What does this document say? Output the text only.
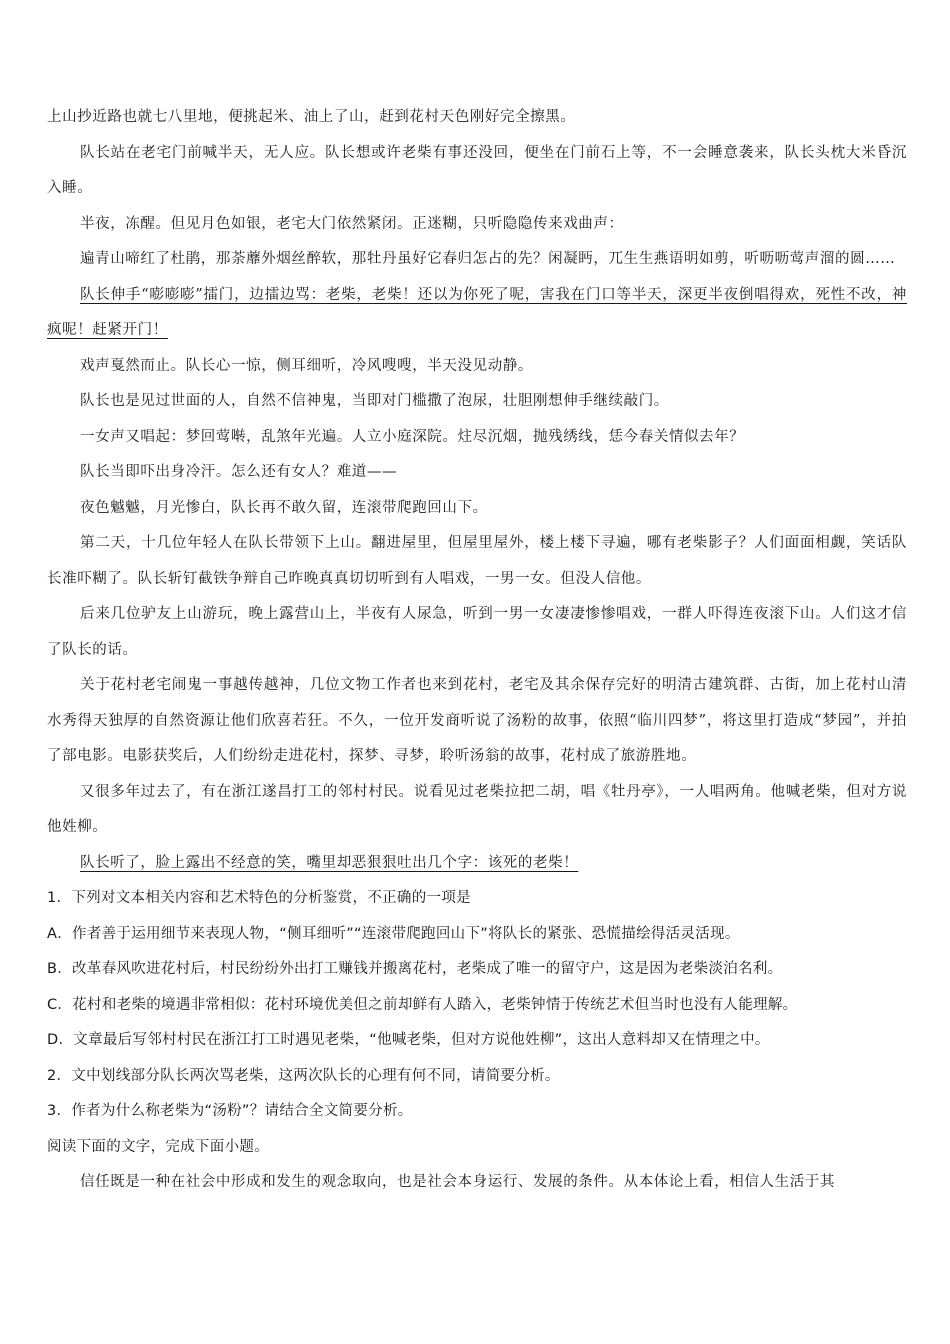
上山抄近路也就七八里地，便挑起米、油上了山，赶到花村天色刚好完全擦黑。

队长站在老宅门前喊半天，无人应。队长想或许老柴有事还没回，便坐在门前石上等，不一会睡意袭来，队长头枕大米昏沉入睡。

半夜，冻醒。但见月色如银，老宅大门依然紧闭。正迷糊，只听隐隐传来戏曲声：

遍青山啼红了杜鹃，那荼蘼外烟丝醉软，那牡丹虽好它春归怎占的先？闲凝眄，兀生生燕语明如剪，听呖呖莺声溜的圆……

队长伸手“嘭嘭嘭”擂门，边擂边骂：老柴，老柴！还以为你死了呢，害我在门口等半天，深更半夜倒唱得欢，死性不改，神疯呢！赶紧开门！

戏声戛然而止。队长心一惊，侧耳细听，冷风嗖嗖，半天没见动静。

队长也是见过世面的人，自然不信神鬼，当即对门槛撒了泡尿，壮胆刚想伸手继续敲门。

一女声又唱起：梦回莺啭，乱煞年光遍。人立小庭深院。炷尽沉烟，抛残绣线，恁今春关情似去年？

队长当即吓出身冷汗。怎么还有女人？难道——

夜色魆魆，月光惨白，队长再不敢久留，连滚带爬跑回山下。

第二天，十几位年轻人在队长带领下上山。翻进屋里，但屋里屋外，楼上楼下寻遍，哪有老柴影子？人们面面相觑，笑话队长准吓糊了。队长斩钉截铁争辩自己昨晚真真切切听到有人唱戏，一男一女。但没人信他。

后来几位驴友上山游玩，晚上露营山上，半夜有人尿急，听到一男一女凄凄惨惨唱戏，一群人吓得连夜滚下山。人们这才信了队长的话。

关于花村老宅闹鬼一事越传越神，几位文物工作者也来到花村，老宅及其余保存完好的明清古建筑群、古街，加上花村山清水秀得天独厚的自然资源让他们欣喜若狂。不久，一位开发商听说了汤粉的故事，依照“临川四梦”，将这里打造成“梦园”，并拍了部电影。电影获奖后，人们纷纷走进花村，探梦、寻梦，聆听汤翁的故事，花村成了旅游胜地。

又很多年过去了，有在浙江遂昌打工的邻村村民。说看见过老柴拉把二胡，唱《牡丹亭》，一人唱两角。他喊老柴，但对方说他姓柳。

队长听了，脸上露出不经意的笑，嘴里却恶狠狠吐出几个字：该死的老柴！

1．下列对文本相关内容和艺术特色的分析鉴赏，不正确的一项是

A．作者善于运用细节来表现人物，“侧耳细听”“连滚带爬跑回山下”将队长的紧张、恐慌描绘得活灵活现。

B．改革春风吹进花村后，村民纷纷外出打工赚钱并搬离花村，老柴成了唯一的留守户，这是因为老柴淡泊名利。

C．花村和老柴的境遇非常相似：花村环境优美但之前却鲜有人踏入，老柴钟情于传统艺术但当时也没有人能理解。

D．文章最后写邻村村民在浙江打工时遇见老柴，“他喊老柴，但对方说他姓柳”，这出人意料却又在情理之中。

2．文中划线部分队长两次骂老柴，这两次队长的心理有何不同，请简要分析。

3．作者为什么称老柴为“汤粉”？请结合全文简要分析。

阅读下面的文字，完成下面小题。

信任既是一种在社会中形成和发生的观念取向，也是社会本身运行、发展的条件。从本体论上看，相信人生活于其
